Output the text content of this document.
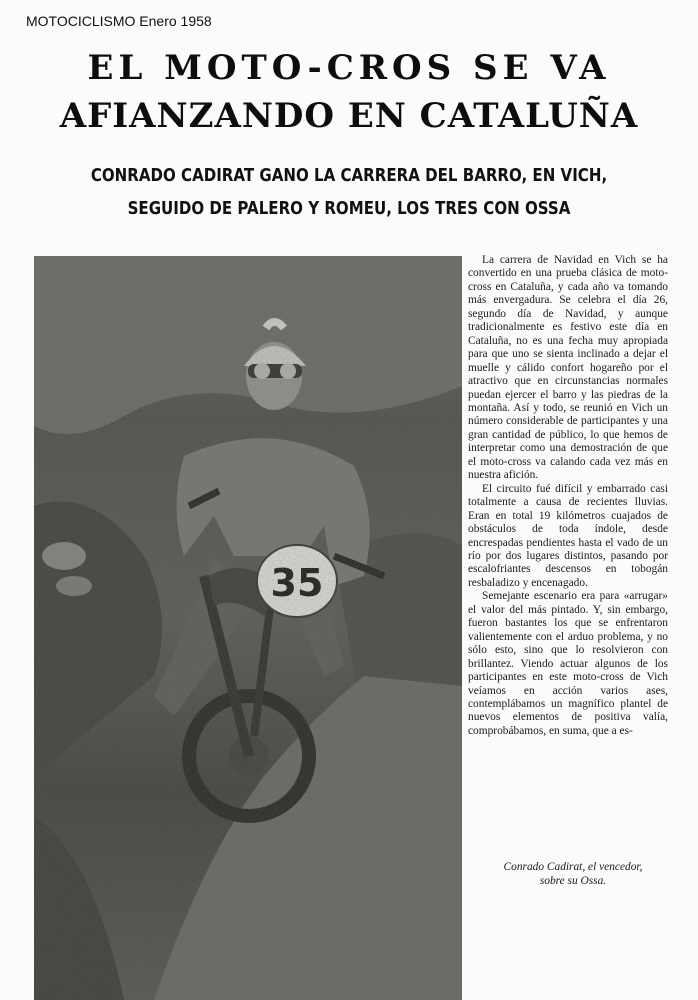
MOTOCICLISMO Enero 1958
EL MOTO-CROS SE VA
AFIANZANDO EN CATALUÑA
CONRADO CADIRAT GANO LA CARRERA DEL BARRO, EN VICH,
SEGUIDO DE PALERO Y ROMEU, LOS TRES CON OSSA

La carrera de Navidad en Vich se ha convertido en una prueba clásica de moto-cross en Cataluña, y cada año va tomando más envergadura. Se celebra el día 26, segundo día de Navidad, y aunque tradicionalmente es festivo este día en Cataluña, no es una fecha muy apropiada para que uno se sienta inclinado a dejar el muelle y cálido confort hogareño por el atractivo que en circunstancias normales puedan ejercer el barro y las piedras de la montaña. Así y todo, se reunió en Vich un número considerable de participantes y una gran cantidad de público, lo que hemos de interpretar como una demostración de que el moto-cross va calando cada vez más en nuestra afición.

El circuito fué difícil y embarrado casi totalmente a causa de recientes lluvias. Eran en total 19 kilómetros cuajados de obstáculos de toda índole, desde encrespadas pendientes hasta el vado de un río por dos lugares distintos, pasando por escalofriantes descensos en tobogán resbaladizo y encenagado.

Semejante escenario era para «arrugar» el valor del más pintado. Y, sin embargo, fueron bastantes los que se enfrentaron valientemente con el arduo problema, y no sólo esto, sino que lo resolvieron con brillantez. Viendo actuar algunos de los participantes en este moto-cross de Vich veíamos en acción varios ases, contemplábamos un magnífico plantel de nuevos elementos de positiva valía, comprobábamos, en suma, que a es-

Conrado Cadirat, el vencedor,
sobre su Ossa.
